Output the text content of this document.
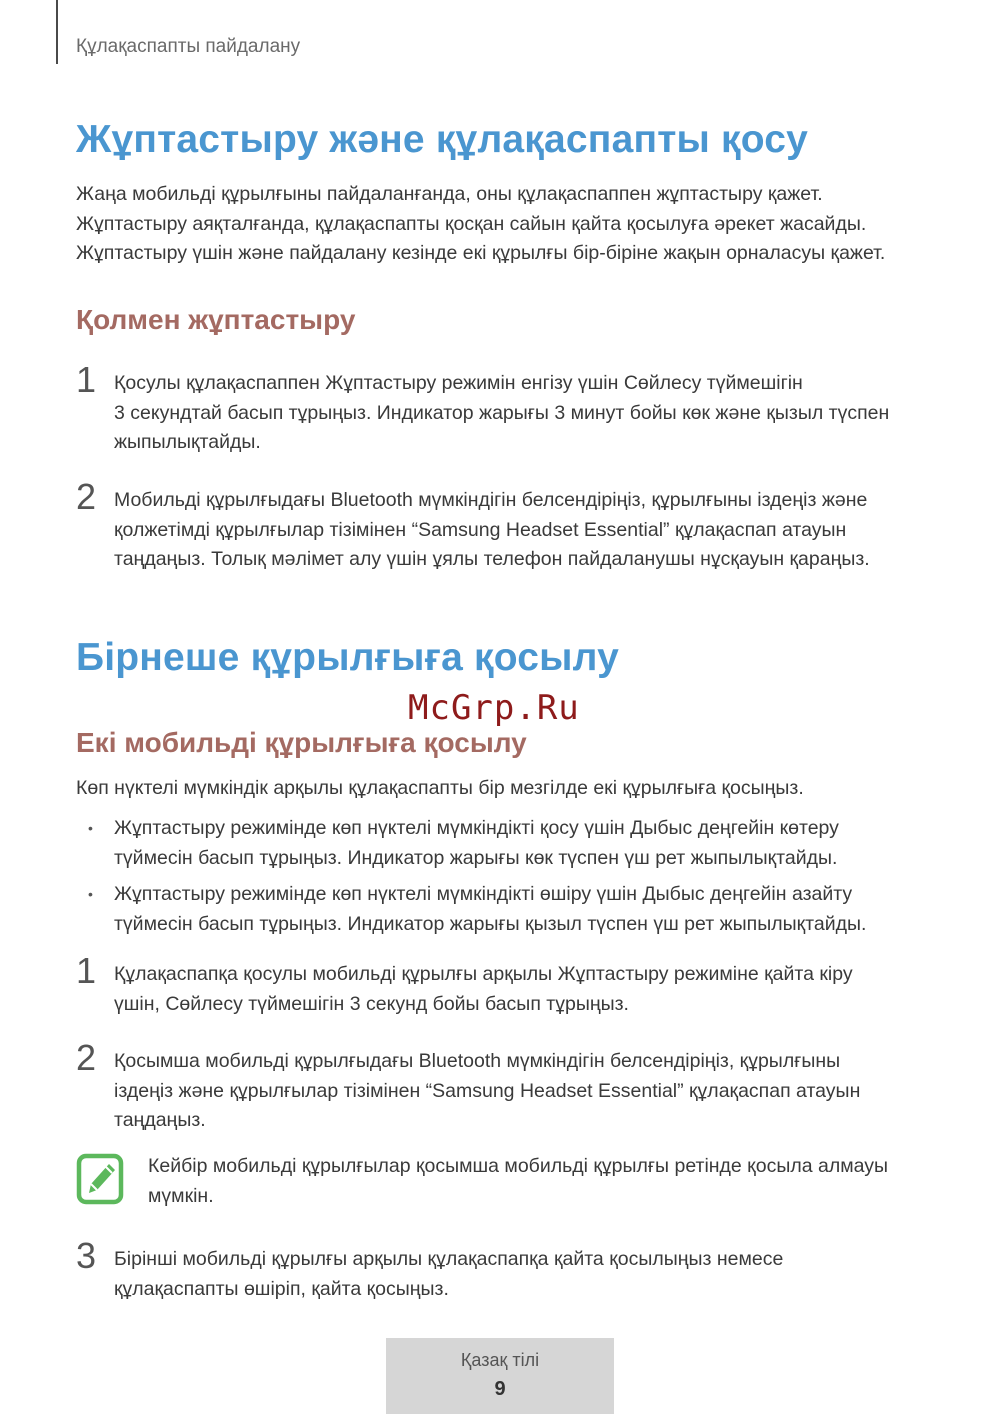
Құлақаспапты пайдалану
Жұптастыру және құлақаспапты қосу
Жаңа мобильді құрылғыны пайдаланғанда, оны құлақаспаппен жұптастыру қажет.
Жұптастыру аяқталғанда, құлақаспапты қосқан сайын қайта қосылуға әрекет жасайды.
Жұптастыру үшін және пайдалану кезінде екі құрылғы бір-біріне жақын орналасуы қажет.
Қолмен жұптастыру
1 Қосулы құлақаспаппен Жұптастыру режимін енгізу үшін Сөйлесу түймешігін
3 секундтай басып тұрыңыз. Индикатор жарығы 3 минут бойы көк және қызыл түспен
жыпылықтайды.
2 Мобильді құрылғыдағы Bluetooth мүмкіндігін белсендіріңіз, құрылғыны іздеңіз және
қолжетімді құрылғылар тізімінен “Samsung Headset Essential” құлақаспап атауын
таңдаңыз. Толық мәлімет алу үшін ұялы телефон пайдаланушы нұсқауын қараңыз.
Бірнеше құрылғыға қосылу
McGrp.Ru
Екі мобильді құрылғыға қосылу
Көп нүктелі мүмкіндік арқылы құлақаспапты бір мезгілде екі құрылғыға қосыңыз.
• Жұптастыру режимінде көп нүктелі мүмкіндікті қосу үшін Дыбыс деңгейін көтеру
түймесін басып тұрыңыз. Индикатор жарығы көк түспен үш рет жыпылықтайды.
• Жұптастыру режимінде көп нүктелі мүмкіндікті өшіру үшін Дыбыс деңгейін азайту
түймесін басып тұрыңыз. Индикатор жарығы қызыл түспен үш рет жыпылықтайды.
1 Құлақаспапқа қосулы мобильді құрылғы арқылы Жұптастыру режиміне қайта кіру
үшін, Сөйлесу түймешігін 3 секунд бойы басып тұрыңыз.
2 Қосымша мобильді құрылғыдағы Bluetooth мүмкіндігін белсендіріңіз, құрылғыны
іздеңіз және құрылғылар тізімінен “Samsung Headset Essential” құлақаспап атауын
таңдаңыз.
Кейбір мобильді құрылғылар қосымша мобильді құрылғы ретінде қосыла алмауы
мүмкін.
3 Бірінші мобильді құрылғы арқылы құлақаспапқа қайта қосылыңыз немесе
құлақаспапты өшіріп, қайта қосыңыз.
Қазақ тілі
9
